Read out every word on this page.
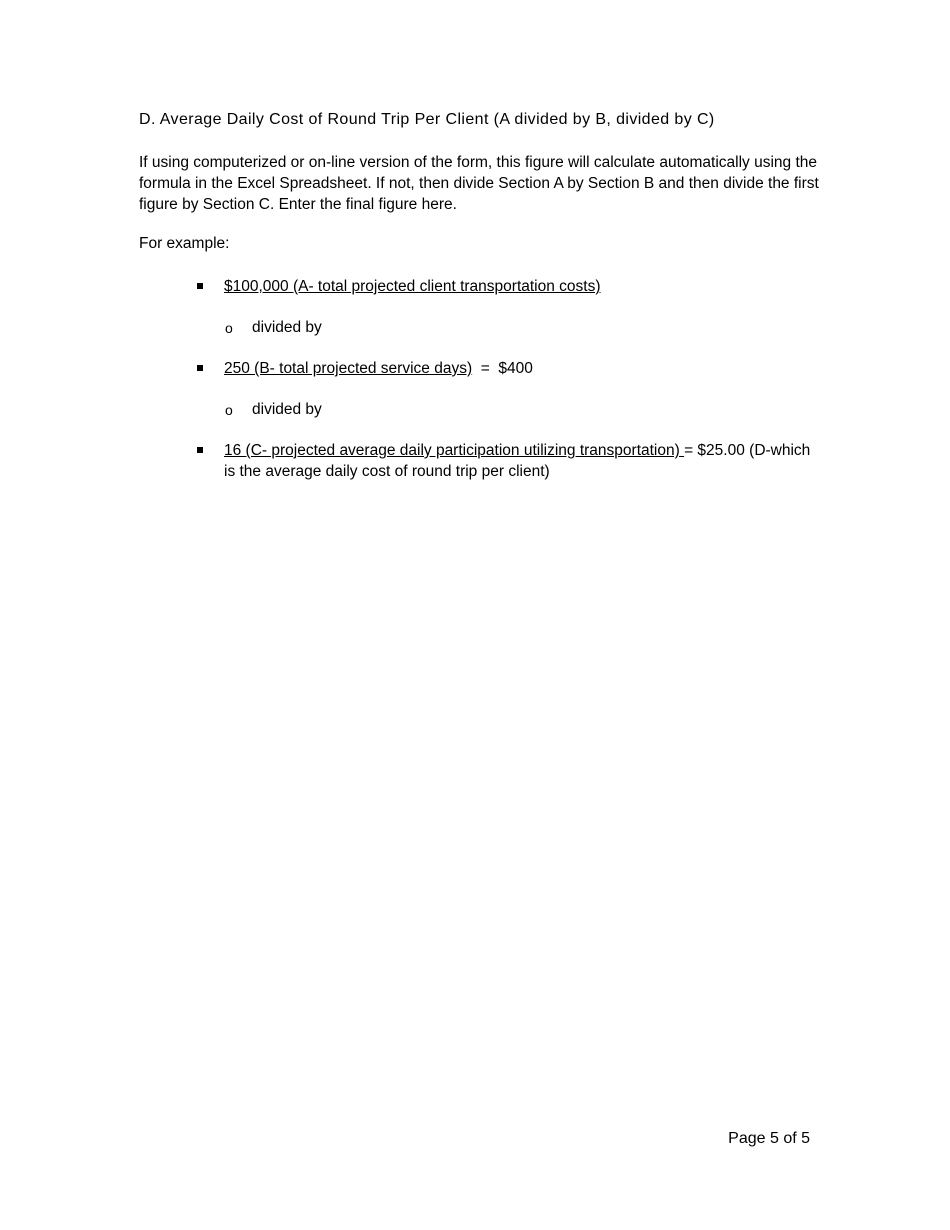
D. Average Daily Cost of Round Trip Per Client (A divided by B, divided by C)
If using computerized or on-line version of the form, this figure will calculate automatically using the formula in the Excel Spreadsheet. If not, then divide Section A by Section B and then divide the first figure by Section C. Enter the final figure here.
For example:
$100,000 (A- total projected client transportation costs)
o divided by
250 (B- total projected service days)  =  $400
o divided by
16 (C- projected average daily participation utilizing transportation) = $25.00 (D-which is the average daily cost of round trip per client)
Page 5 of 5
